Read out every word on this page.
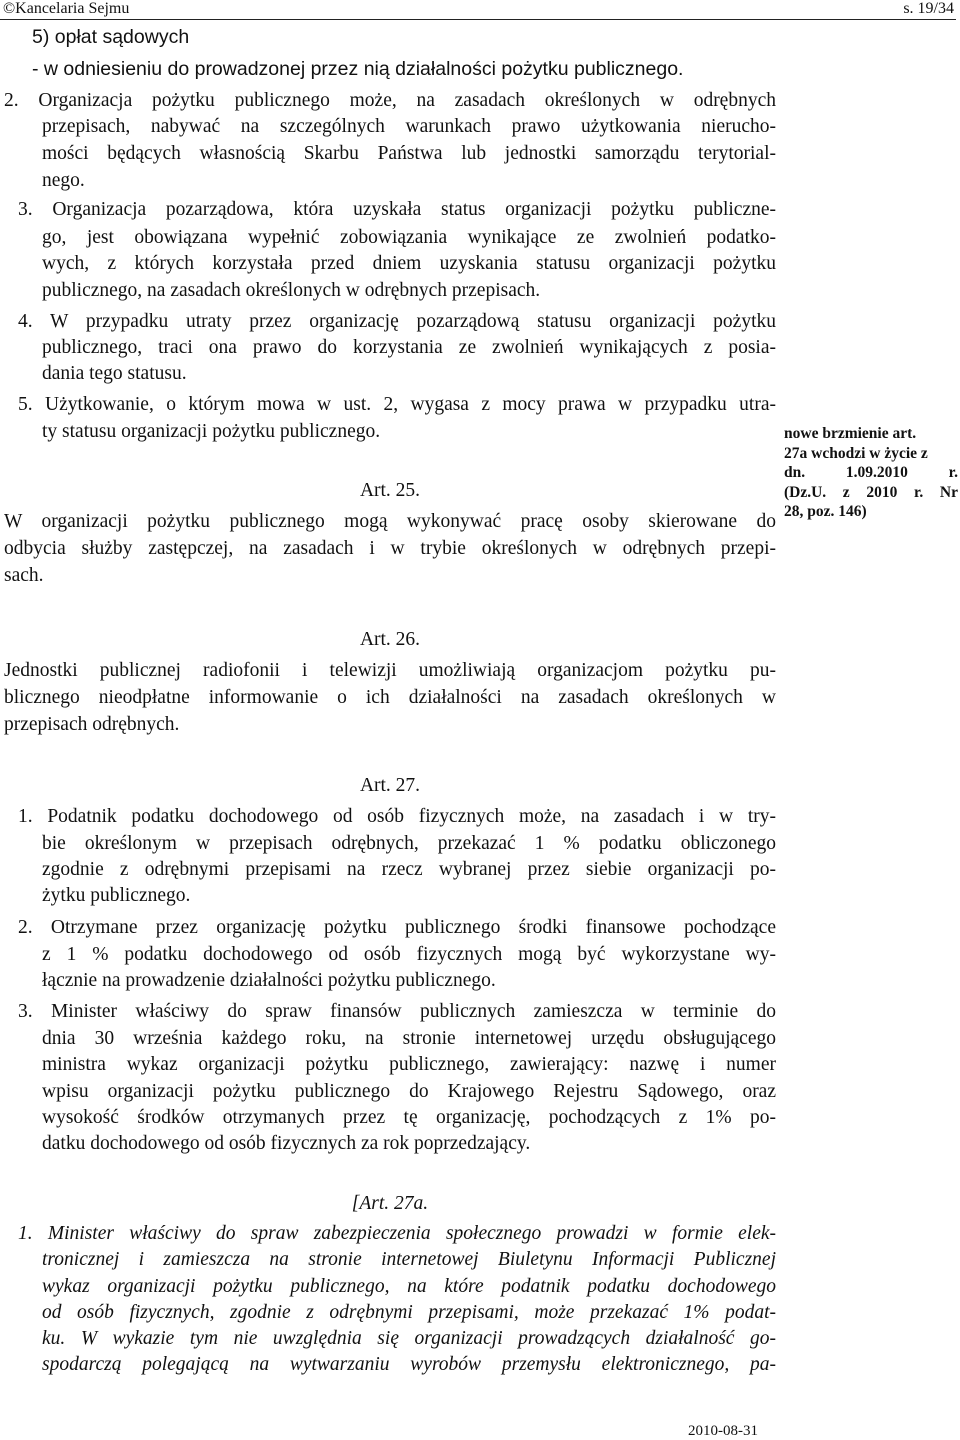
©Kancelaria Sejmu	s. 19/34
5) opłat sądowych
- w odniesieniu do prowadzonej przez nią działalności pożytku publicznego.
2. Organizacja pożytku publicznego może, na zasadach określonych w odrębnych
przepisach, nabywać na szczególnych warunkach prawo użytkowania nierucho-
mości będących własnością Skarbu Państwa lub jednostki samorządu terytorial-
nego.
3. Organizacja pozarządowa, która uzyskała status organizacji pożytku publiczne-
go, jest obowiązana wypełnić zobowiązania wynikające ze zwolnień podatko-
wych, z których korzystała przed dniem uzyskania statusu organizacji pożytku
publicznego, na zasadach określonych w odrębnych przepisach.
4. W przypadku utraty przez organizację pozarządową statusu organizacji pożytku
publicznego, traci ona prawo do korzystania ze zwolnień wynikających z posia-
dania tego statusu.
5. Użytkowanie, o którym mowa w ust. 2, wygasa z mocy prawa w przypadku utra-
ty statusu organizacji pożytku publicznego.
Art. 25.
W organizacji pożytku publicznego mogą wykonywać pracę osoby skierowane do
odbycia służby zastępczej, na zasadach i w trybie określonych w odrębnych przepi-
sach.
Art. 26.
Jednostki publicznej radiofonii i telewizji umożliwiają organizacjom pożytku pu-
blicznego nieodpłatne informowanie o ich działalności na zasadach określonych w
przepisach odrębnych.
Art. 27.
1. Podatnik podatku dochodowego od osób fizycznych może, na zasadach i w try-
bie określonym w przepisach odrębnych, przekazać 1 % podatku obliczonego
zgodnie z odrębnymi przepisami na rzecz wybranej przez siebie organizacji po-
żytku publicznego.
2. Otrzymane przez organizację pożytku publicznego środki finansowe pochodzące
z 1 % podatku dochodowego od osób fizycznych mogą być wykorzystane wy-
łącznie na prowadzenie działalności pożytku publicznego.
3. Minister właściwy do spraw finansów publicznych zamieszcza w terminie do
dnia 30 września każdego roku, na stronie internetowej urzędu obsługującego
ministra wykaz organizacji pożytku publicznego, zawierający: nazwę i numer
wpisu organizacji pożytku publicznego do Krajowego Rejestru Sądowego, oraz
wysokość środków otrzymanych przez tę organizację, pochodzących z 1% po-
datku dochodowego od osób fizycznych za rok poprzedzający.
[Art. 27a.
1. Minister właściwy do spraw zabezpieczenia społecznego prowadzi w formie elek-
tronicznej i zamieszcza na stronie internetowej Biuletynu Informacji Publicznej
wykaz organizacji pożytku publicznego, na które podatnik podatku dochodowego
od osób fizycznych, zgodnie z odrębnymi przepisami, może przekazać 1% podat-
ku. W wykazie tym nie uwzględnia się organizacji prowadzących działalność go-
spodarczą polegającą na wytwarzaniu wyrobów przemysłu elektronicznego, pa-
nowe brzmienie art.
27a wchodzi w życie z
dn. 1.09.2010 r.
(Dz.U. z 2010 r. Nr
28, poz. 146)
2010-08-31
